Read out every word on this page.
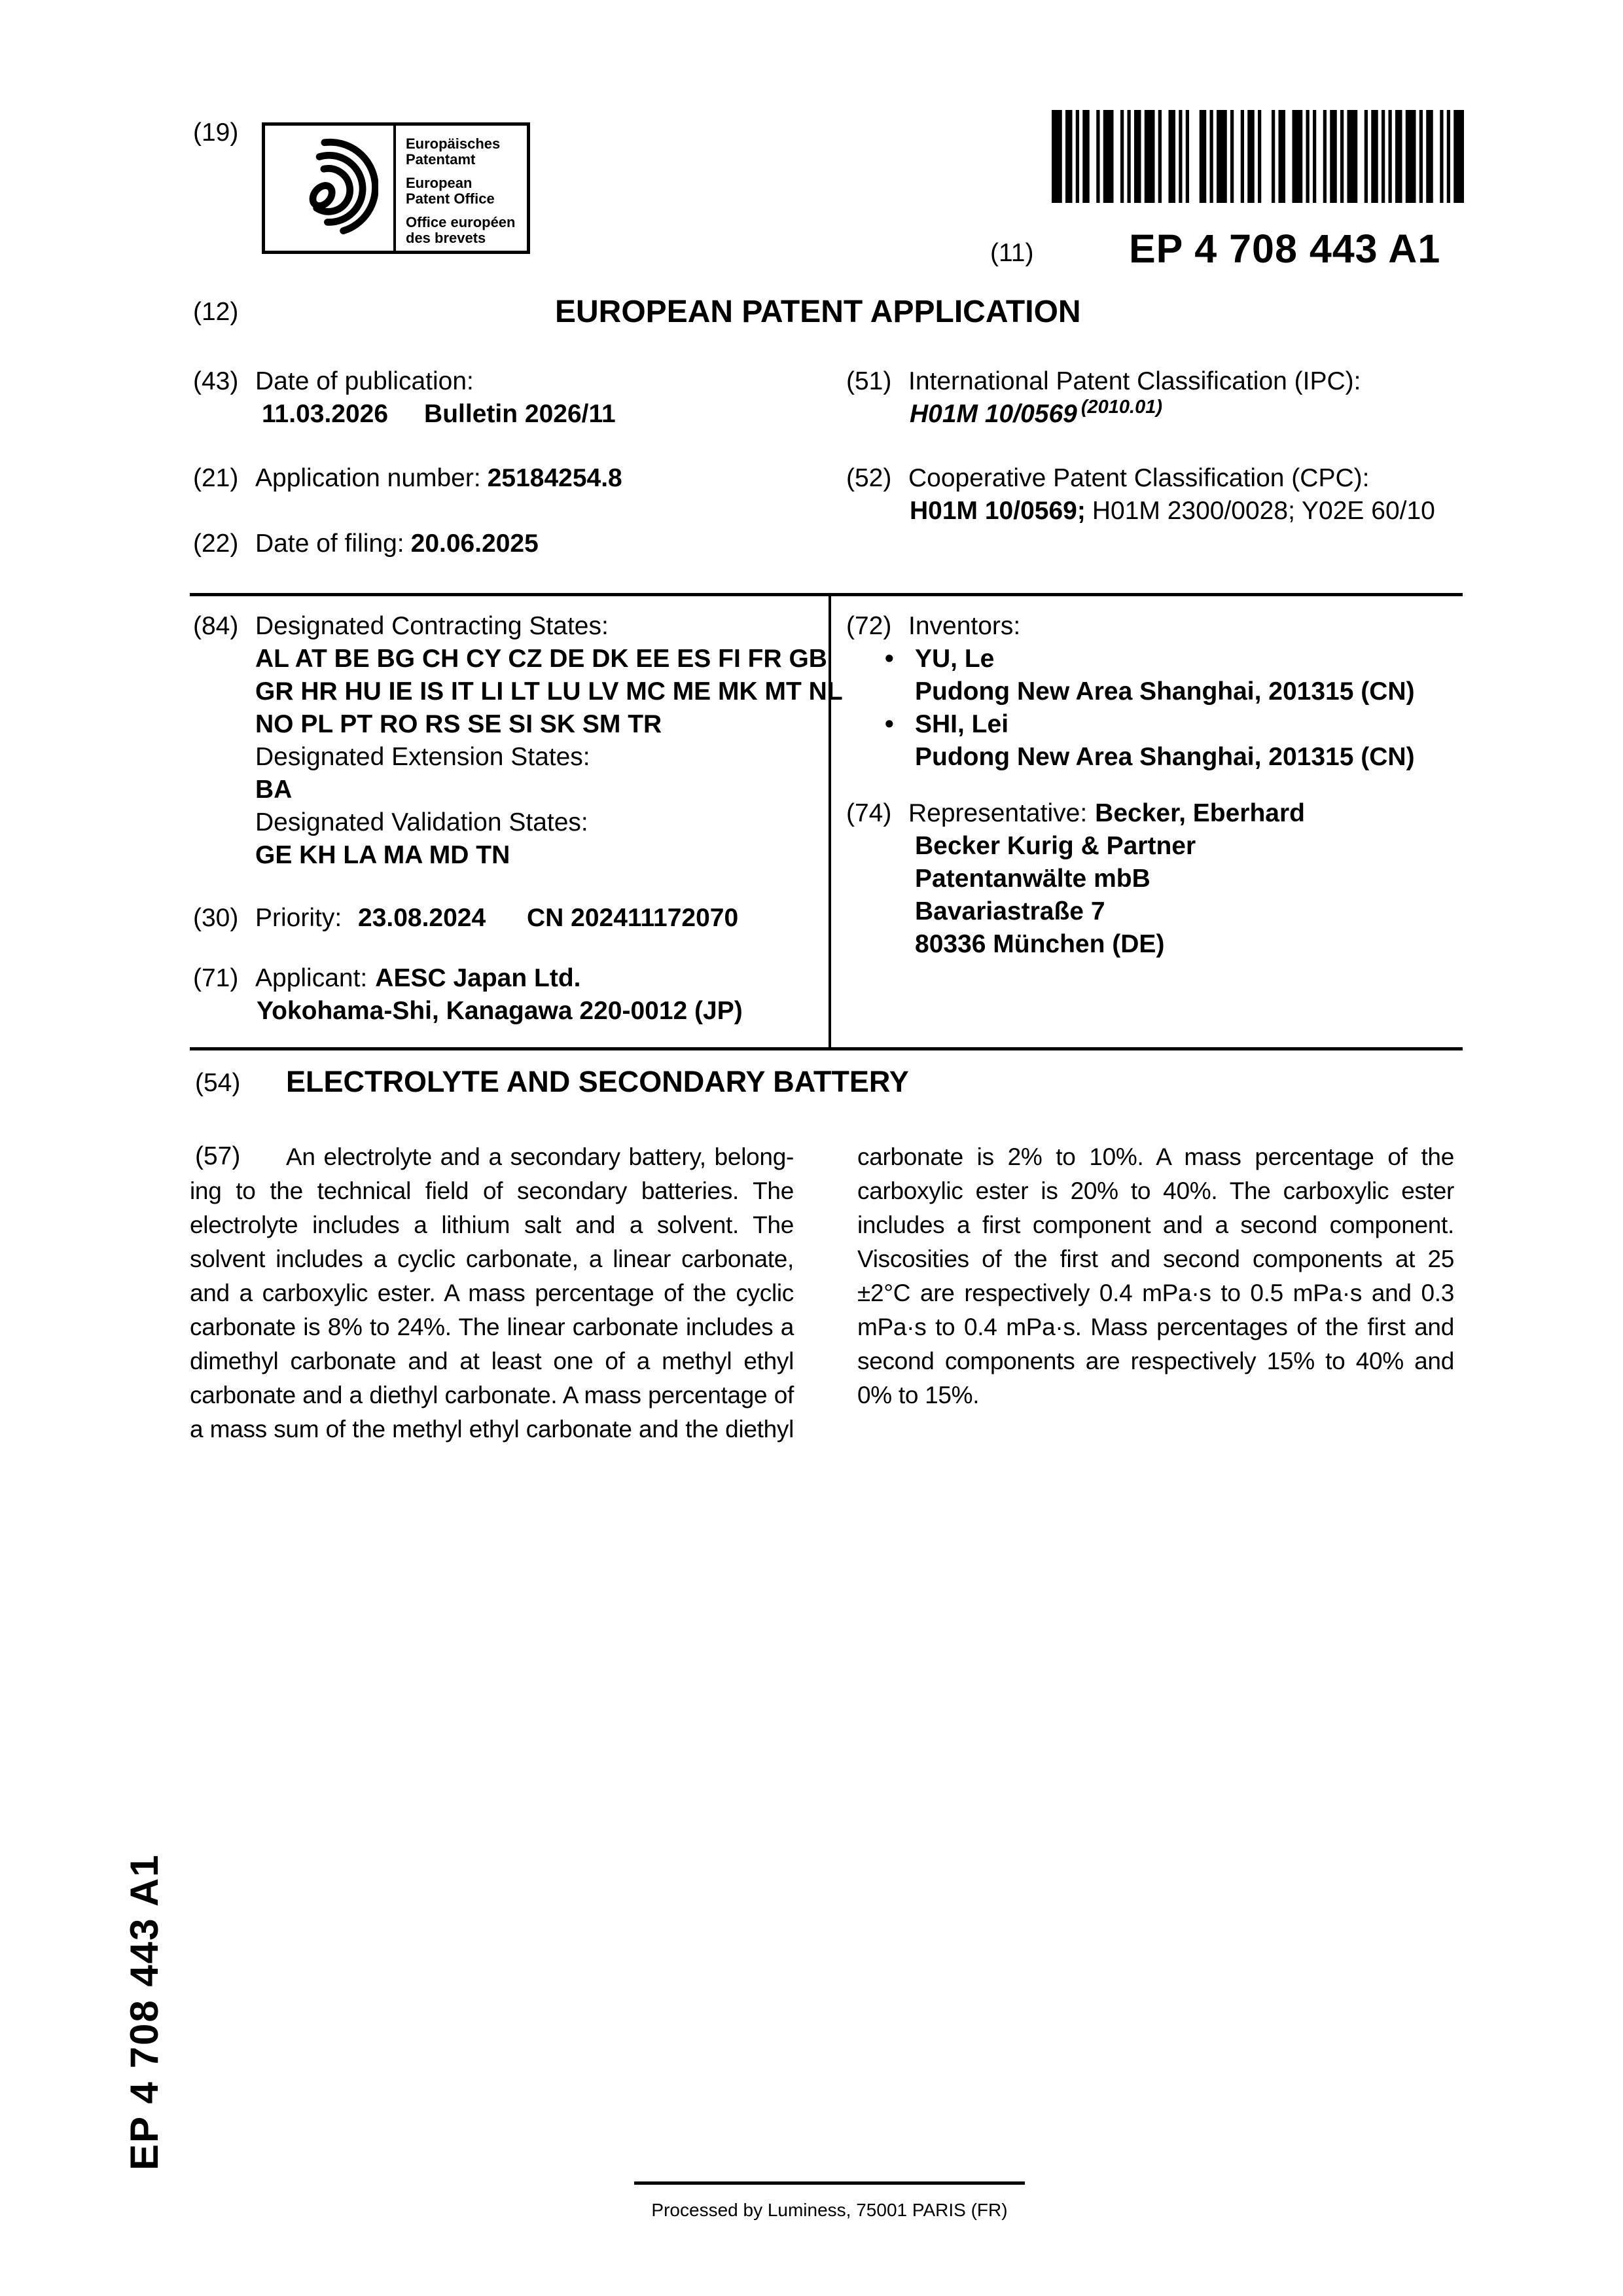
(19)	Europäisches
Patentamt
European
Patent Office
Office européen
des brevets
(11) EP 4 708 443 A1
(12)	EUROPEAN PATENT APPLICATION
(43) Date of publication:
11.03.2026 Bulletin 2026/11
(21) Application number: 25184254.8
(22) Date of filing: 20.06.2025
(51) International Patent Classification (IPC):
H01M 10/0569 $^{(2010.01)}$
(52) Cooperative Patent Classification (CPC):
H01M 10/0569; H01M 2300/0028; Y02E 60/10
(84) Designated Contracting States:
AL AT BE BG CH CY CZ DE DK EE ES FI FR GB
GR HR HU IE IS IT LI LT LU LV MC ME MK MT NL
NO PL PT RO RS SE SI SK SM TR
Designated Extension States:
BA
Designated Validation States:
GE KH LA MA MD TN
(30) Priority: 23.08.2024 CN 202411172070
(71) Applicant: AESC Japan Ltd.
Yokohama-Shi, Kanagawa 220-0012 (JP)
(72) Inventors:
• YU, Le
Pudong New Area Shanghai, 201315 (CN)
• SHI, Lei
Pudong New Area Shanghai, 201315 (CN)
(74) Representative: Becker, Eberhard
Becker Kurig & Partner
Patentanwälte mbB
Bavariastraße 7
80336 München (DE)
(54) ELECTROLYTE AND SECONDARY BATTERY
(57)	An electrolyte and a secondary battery, belong-
ing to the technical field of secondary batteries. The
electrolyte includes a lithium salt and a solvent. The
solvent includes a cyclic carbonate, a linear carbonate,
and a carboxylic ester. A mass percentage of the cyclic
carbonate is 8% to 24%. The linear carbonate includes a
dimethyl carbonate and at least one of a methyl ethyl
carbonate and a diethyl carbonate. A mass percentage of
a mass sum of the methyl ethyl carbonate and the diethyl
carbonate is 2% to 10%. A mass percentage of the
carboxylic ester is 20% to 40%. The carboxylic ester
includes a first component and a second component.
Viscosities of the first and second components at 25
±2°C are respectively 0.4 mPa·s to 0.5 mPa·s and 0.3
mPa·s to 0.4 mPa·s. Mass percentages of the first and
second components are respectively 15% to 40% and
0% to 15%.
EP 4 708 443 A1
Processed by Luminess, 75001 PARIS (FR)
